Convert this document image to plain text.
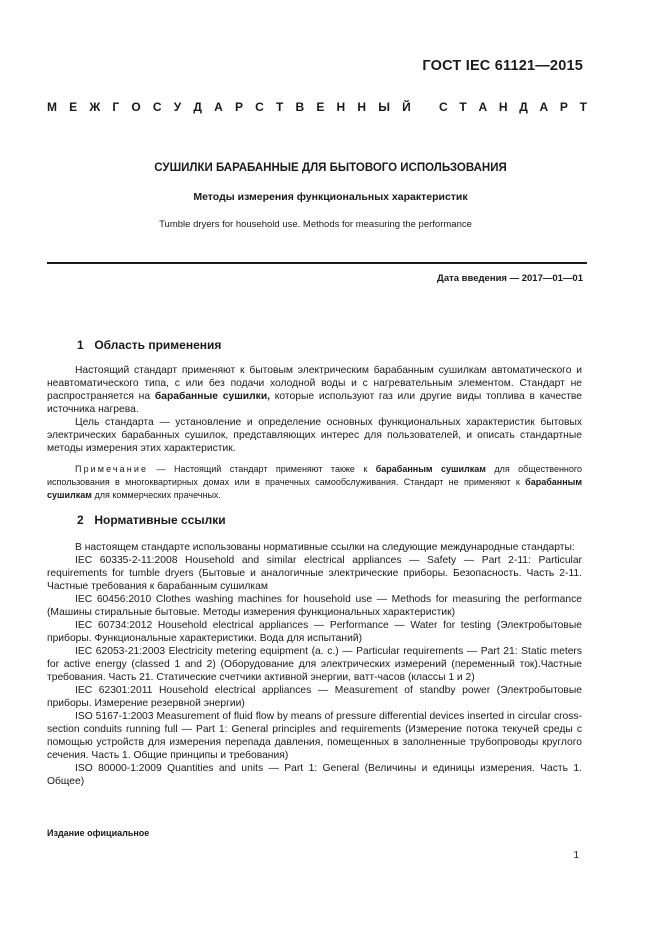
ГОСТ IEC 61121—2015
М Е Ж Г О С У Д А Р С Т В Е Н Н Ы Й С Т А Н Д А Р Т
СУШИЛКИ БАРАБАННЫЕ ДЛЯ БЫТОВОГО ИСПОЛЬЗОВАНИЯ
Методы измерения функциональных характеристик
Tumble dryers for household use. Methods for measuring the performance
Дата введения — 2017—01—01
1 Область применения

Настоящий стандарт применяют к бытовым электрическим барабанным сушилкам автоматического и неавтоматического типа, с или без подачи холодной воды и с нагревательным элементом. Стандарт не распространяется на барабанные сушилки, которые используют газ или другие виды топлива в качестве источника нагрева.

Цель стандарта — установление и определение основных функциональных характеристик бытовых электрических барабанных сушилок, представляющих интерес для пользователей, и описать стандартные методы измерения этих характеристик.

Примечание — Настоящий стандарт применяют также к барабанным сушилкам для общественного использования в многоквартирных домах или в прачечных самообслуживания. Стандарт не применяют к барабанным сушилкам для коммерческих прачечных.

2 Нормативные ссылки

В настоящем стандарте использованы нормативные ссылки на следующие международные стандарты:

IEC 60335-2-11:2008 Household and similar electrical appliances — Safety — Part 2-11: Particular requirements for tumble dryers (Бытовые и аналогичные электрические приборы. Безопасность. Часть 2-11. Частные требования к барабанным сушилкам

IEC 60456:2010 Clothes washing machines for household use — Methods for measuring the performance (Машины стиральные бытовые. Методы измерения функциональных характеристик)

IEC 60734:2012 Household electrical appliances — Performance — Water for testing (Электробытовые приборы. Функциональные характеристики. Вода для испытаний)

IEC 62053-21:2003 Electricity metering equipment (a. c.) — Particular requirements — Part 21: Static meters for active energy (classed 1 and 2) (Оборудование для электрических измерений (переменный ток).Частные требования. Часть 21. Статические счетчики активной энергии, ватт-часов (классы 1 и 2)

IEC 62301:2011 Household electrical appliances — Measurement of standby power (Электробытовые приборы. Измерение резервной энергии)

ISO 5167-1:2003 Measurement of fluid flow by means of pressure differential devices inserted in circular cross-section conduits running full — Part 1: General principles and requirements (Измерение потока текучей среды с помощью устройств для измерения перепада давления, помещенных в заполненные трубопроводы круглого сечения. Часть 1. Общие принципы и требования)

ISO 80000-1:2009 Quantities and units — Part 1: General (Величины и единицы измерения. Часть 1. Общее)

Издание официальное
1
